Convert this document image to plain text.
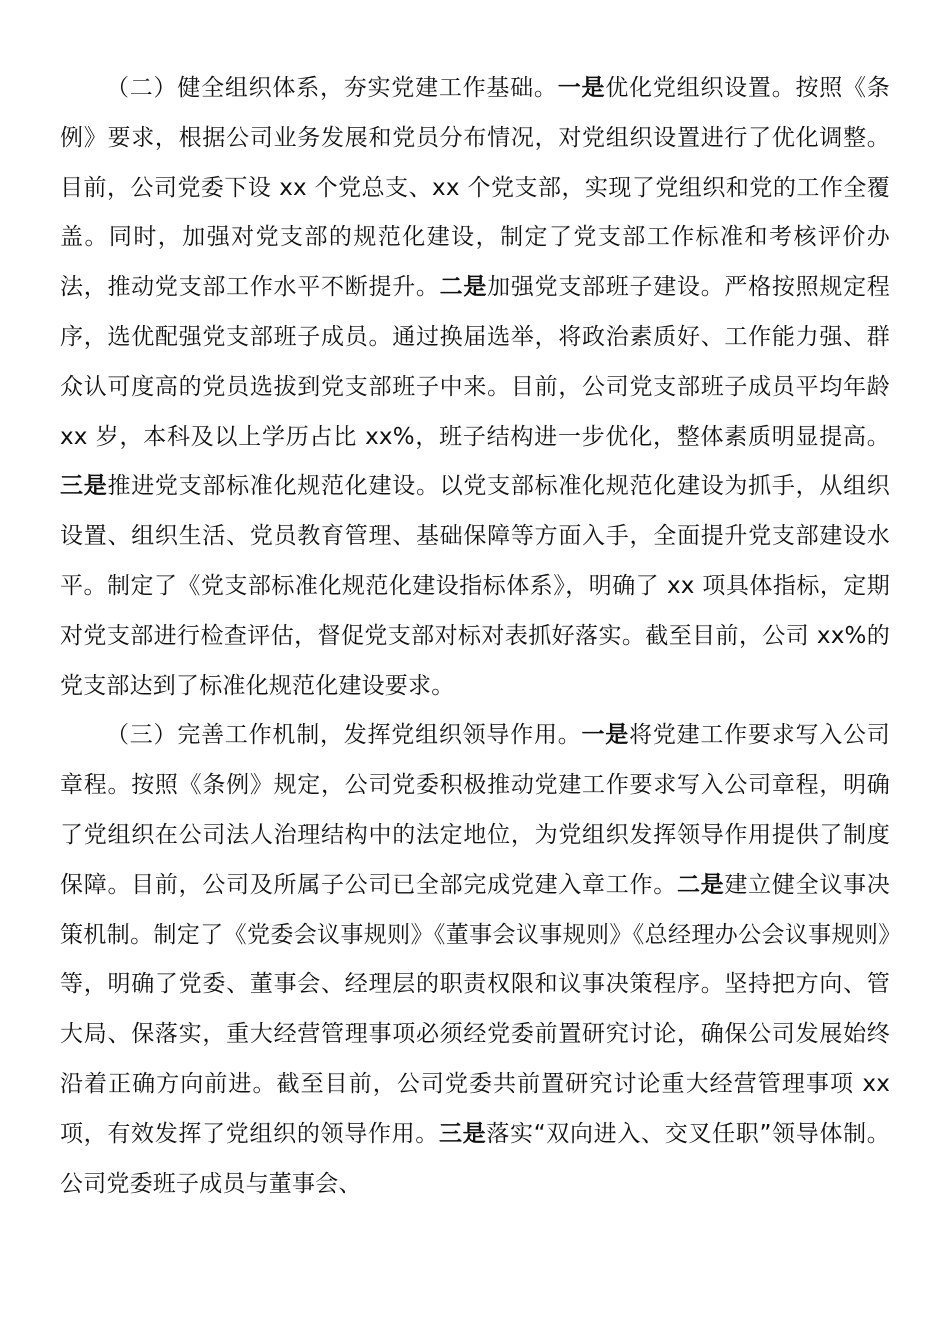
（二）健全组织体系，夯实党建工作基础。一是优化党组织设置。按照《条例》要求，根据公司业务发展和党员分布情况，对党组织设置进行了优化调整。目前，公司党委下设 xx 个党总支、xx 个党支部，实现了党组织和党的工作全覆盖。同时，加强对党支部的规范化建设，制定了党支部工作标准和考核评价办法，推动党支部工作水平不断提升。二是加强党支部班子建设。严格按照规定程序，选优配强党支部班子成员。通过换届选举，将政治素质好、工作能力强、群众认可度高的党员选拔到党支部班子中来。目前，公司党支部班子成员平均年龄 xx 岁，本科及以上学历占比 xx%，班子结构进一步优化，整体素质明显提高。三是推进党支部标准化规范化建设。以党支部标准化规范化建设为抓手，从组织设置、组织生活、党员教育管理、基础保障等方面入手，全面提升党支部建设水平。制定了《党支部标准化规范化建设指标体系》，明确了 xx 项具体指标，定期对党支部进行检查评估，督促党支部对标对表抓好落实。截至目前，公司 xx%的党支部达到了标准化规范化建设要求。

（三）完善工作机制，发挥党组织领导作用。一是将党建工作要求写入公司章程。按照《条例》规定，公司党委积极推动党建工作要求写入公司章程，明确了党组织在公司法人治理结构中的法定地位，为党组织发挥领导作用提供了制度保障。目前，公司及所属子公司已全部完成党建入章工作。二是建立健全议事决策机制。制定了《党委会议事规则》《董事会议事规则》《总经理办公会议事规则》等，明确了党委、董事会、经理层的职责权限和议事决策程序。坚持把方向、管大局、保落实，重大经营管理事项必须经党委前置研究讨论，确保公司发展始终沿着正确方向前进。截至目前，公司党委共前置研究讨论重大经营管理事项 xx 项，有效发挥了党组织的领导作用。三是落实“双向进入、交叉任职”领导体制。公司党委班子成员与董事会、
